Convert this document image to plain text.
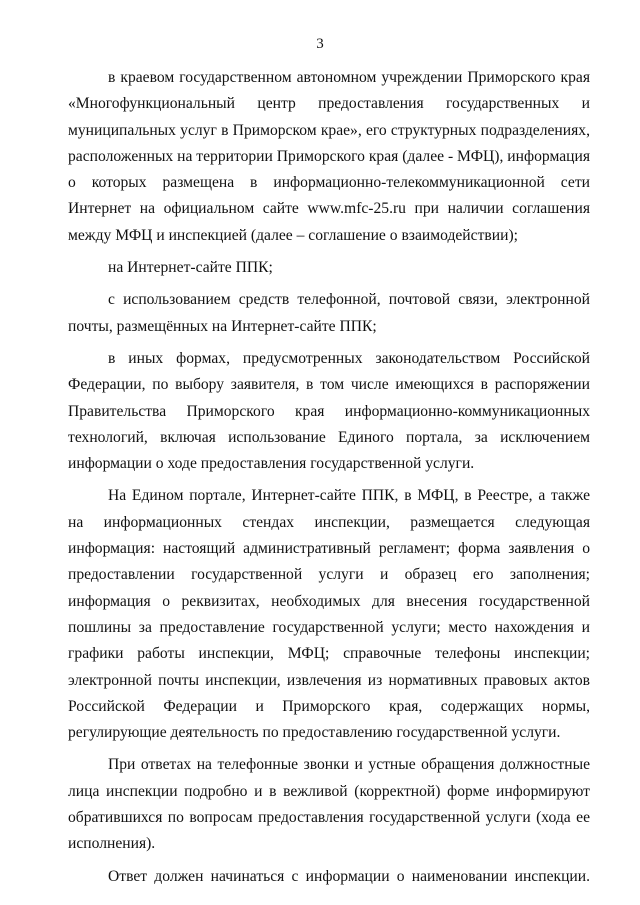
3

в краевом государственном автономном учреждении Приморского края «Многофункциональный центр предоставления государственных и муниципальных услуг в Приморском крае», его структурных подразделениях, расположенных на территории Приморского края (далее - МФЦ), информация о которых размещена в информационно-телекоммуникационной сети Интернет на официальном сайте www.mfc-25.ru при наличии соглашения между МФЦ и инспекцией (далее – соглашение о взаимодействии);

на Интернет-сайте ППК;

с использованием средств телефонной, почтовой связи, электронной почты, размещённых на Интернет-сайте ППК;

в иных формах, предусмотренных законодательством Российской Федерации, по выбору заявителя, в том числе имеющихся в распоряжении Правительства Приморского края информационно-коммуникационных технологий, включая использование Единого портала, за исключением информации о ходе предоставления государственной услуги.

На Едином портале, Интернет-сайте ППК, в МФЦ, в Реестре, а также на информационных стендах инспекции, размещается следующая информация: настоящий административный регламент; форма заявления о предоставлении государственной услуги и образец его заполнения; информация о реквизитах, необходимых для внесения государственной пошлины за предоставление государственной услуги; место нахождения и графики работы инспекции, МФЦ; справочные телефоны инспекции; электронной почты инспекции, извлечения из нормативных правовых актов Российской Федерации и Приморского края, содержащих нормы, регулирующие деятельность по предоставлению государственной услуги.

При ответах на телефонные звонки и устные обращения должностные лица инспекции подробно и в вежливой (корректной) форме информируют обратившихся по вопросам предоставления государственной услуги (хода ее исполнения).

Ответ должен начинаться с информации о наименовании инспекции.
